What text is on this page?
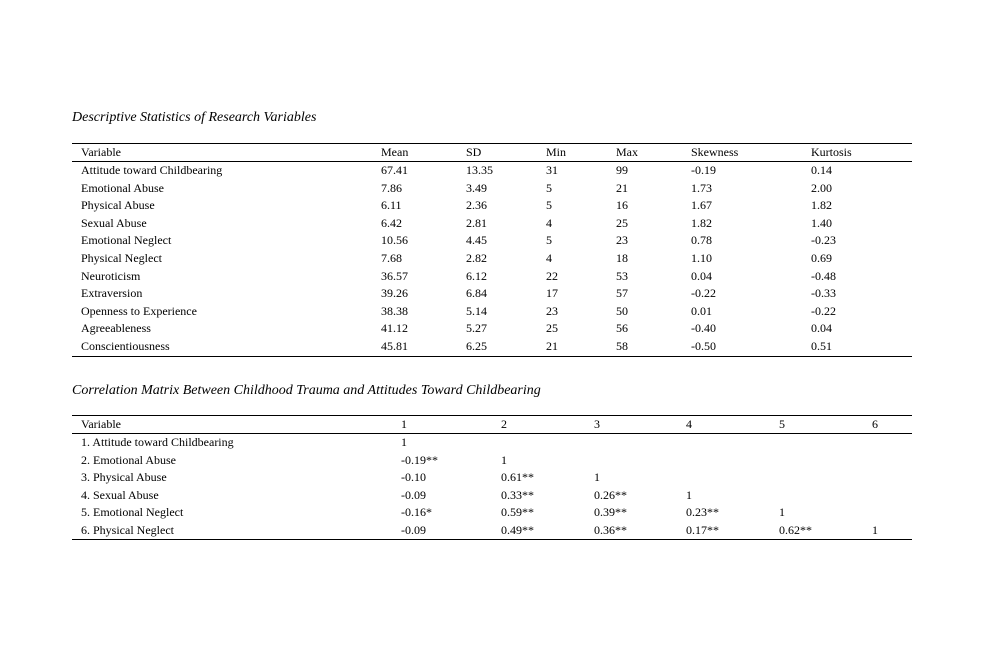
Descriptive Statistics of Research Variables
Variable	Mean	SD	Min	Max	Skewness	Kurtosis
Attitude toward Childbearing	67.41	13.35	31	99	-0.19	0.14
Emotional Abuse	7.86	3.49	5	21	1.73	2.00
Physical Abuse	6.11	2.36	5	16	1.67	1.82
Sexual Abuse	6.42	2.81	4	25	1.82	1.40
Emotional Neglect	10.56	4.45	5	23	0.78	-0.23
Physical Neglect	7.68	2.82	4	18	1.10	0.69
Neuroticism	36.57	6.12	22	53	0.04	-0.48
Extraversion	39.26	6.84	17	57	-0.22	-0.33
Openness to Experience	38.38	5.14	23	50	0.01	-0.22
Agreeableness	41.12	5.27	25	56	-0.40	0.04
Conscientiousness	45.81	6.25	21	58	-0.50	0.51
Correlation Matrix Between Childhood Trauma and Attitudes Toward Childbearing
Variable	1	2	3	4	5	6
1. Attitude toward Childbearing	1					
2. Emotional Abuse	-0.19**	1				
3. Physical Abuse	-0.10	0.61**	1			
4. Sexual Abuse	-0.09	0.33**	0.26**	1		
5. Emotional Neglect	-0.16*	0.59**	0.39**	0.23**	1	
6. Physical Neglect	-0.09	0.49**	0.36**	0.17**	0.62**	1
